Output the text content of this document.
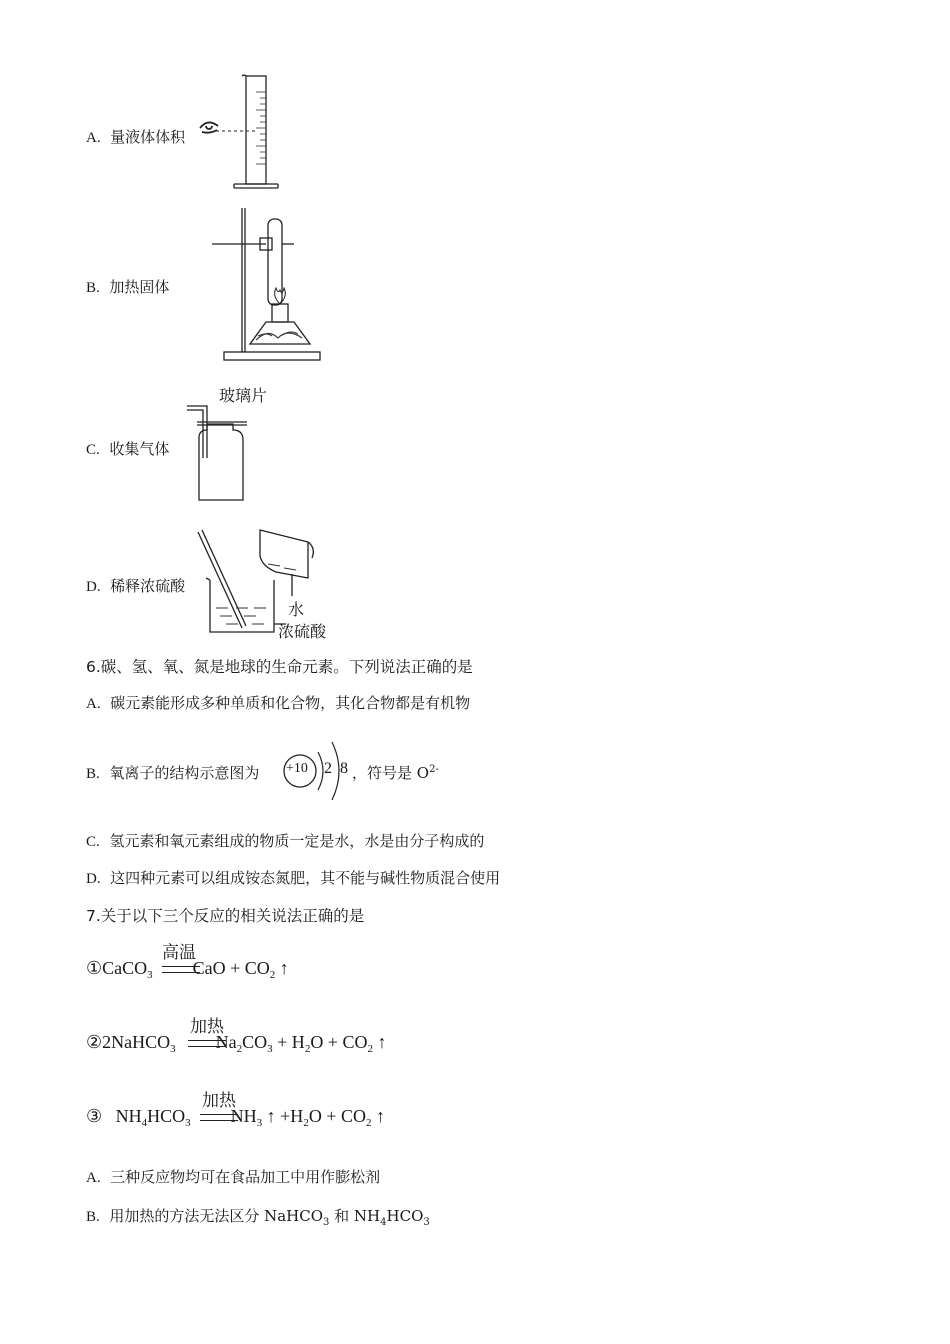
A. 量液体体积
B. 加热固体
C. 收集气体
玻璃片
D. 稀释浓硫酸
水
浓硫酸
6.碳、氢、氧、氮是地球的生命元素。下列说法正确的是
A. 碳元素能形成多种单质和化合物，其化合物都是有机物
B. 氧离子的结构示意图为 +10 2 8 ，符号是 $O^{2-}$
C. 氢元素和氧元素组成的物质一定是水，水是由分子构成的
D. 这四种元素可以组成铵态氮肥，其不能与碱性物质混合使用
7.关于以下三个反应的相关说法正确的是
①CaCO$_3$ CaO + $CO_2$ ↑
高温
②2NaHCO$_3$ $Na_2CO_3 + H_2O + CO_2$ ↑
加热
③   $NH_4HCO_3$ $NH_3$ ↑ $+H_2O + CO_2$ ↑
加热
A. 三种反应物均可在食品加工中用作膨松剂
B. 用加热的方法无法区分 NaHCO$_3$ 和 $NH_4HCO_3$
